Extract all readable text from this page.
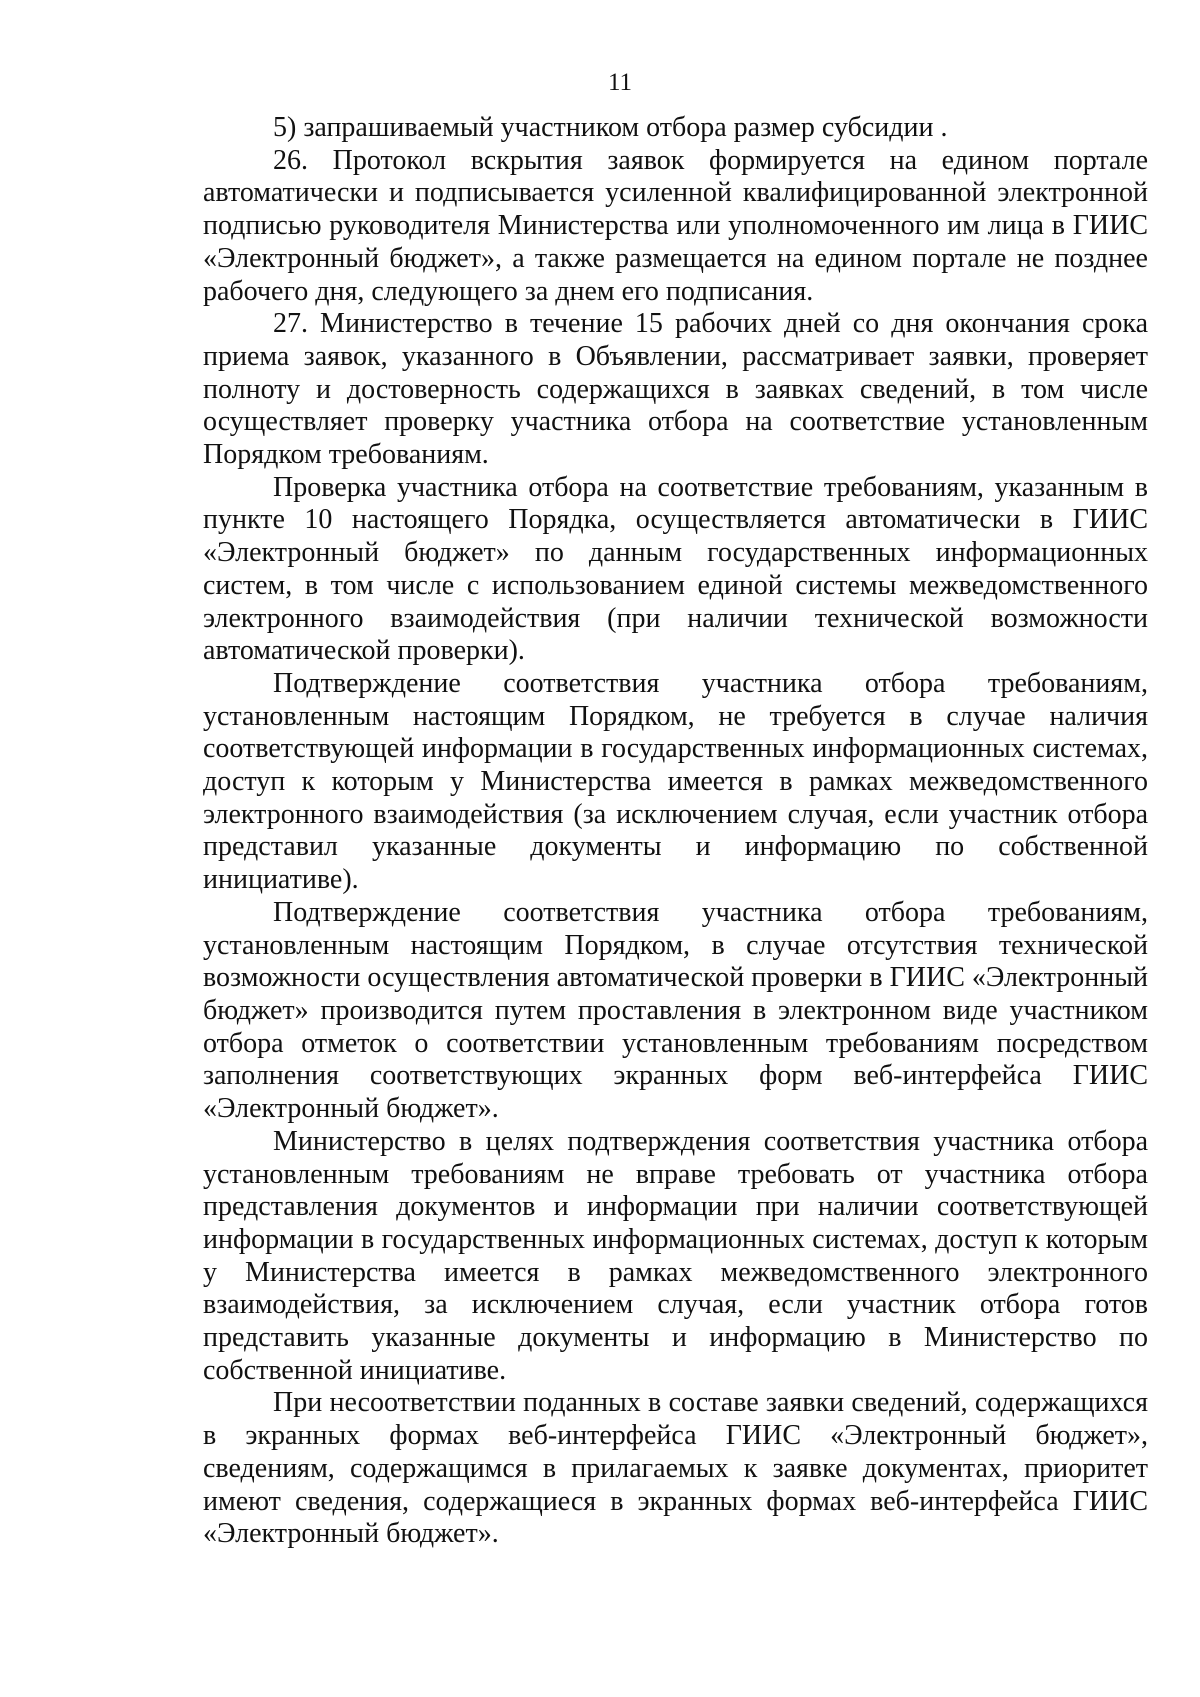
11

5) запрашиваемый участником отбора размер субсидии .

26. Протокол вскрытия заявок формируется на едином портале автоматически и подписывается усиленной квалифицированной электронной подписью руководителя Министерства или уполномоченного им лица в ГИИС «Электронный бюджет», а также размещается на едином портале не позднее рабочего дня, следующего за днем его подписания.

27. Министерство в течение 15 рабочих дней со дня окончания срока приема заявок, указанного в Объявлении, рассматривает заявки, проверяет полноту и достоверность содержащихся в заявках сведений, в том числе осуществляет проверку участника отбора на соответствие установленным Порядком требованиям.

Проверка участника отбора на соответствие требованиям, указанным в пункте 10 настоящего Порядка, осуществляется автоматически в ГИИС «Электронный бюджет» по данным государственных информационных систем, в том числе с использованием единой системы межведомственного электронного взаимодействия (при наличии технической возможности автоматической проверки).

Подтверждение соответствия участника отбора требованиям, установленным настоящим Порядком, не требуется в случае наличия соответствующей информации в государственных информационных системах, доступ к которым у Министерства имеется в рамках межведомственного электронного взаимодействия (за исключением случая, если участник отбора представил указанные документы и информацию по собственной инициативе).

Подтверждение соответствия участника отбора требованиям, установленным настоящим Порядком, в случае отсутствия технической возможности осуществления автоматической проверки в ГИИС «Электронный бюджет» производится путем проставления в электронном виде участником отбора отметок о соответствии установленным требованиям посредством заполнения соответствующих экранных форм веб-интерфейса ГИИС «Электронный бюджет».

Министерство в целях подтверждения соответствия участника отбора установленным требованиям не вправе требовать от участника отбора представления документов и информации при наличии соответствующей информации в государственных информационных системах, доступ к которым у Министерства имеется в рамках межведомственного электронного взаимодействия, за исключением случая, если участник отбора готов представить указанные документы и информацию в Министерство по собственной инициативе.

При несоответствии поданных в составе заявки сведений, содержащихся в экранных формах веб-интерфейса ГИИС «Электронный бюджет», сведениям, содержащимся в прилагаемых к заявке документах, приоритет имеют сведения, содержащиеся в экранных формах веб-интерфейса ГИИС «Электронный бюджет».
